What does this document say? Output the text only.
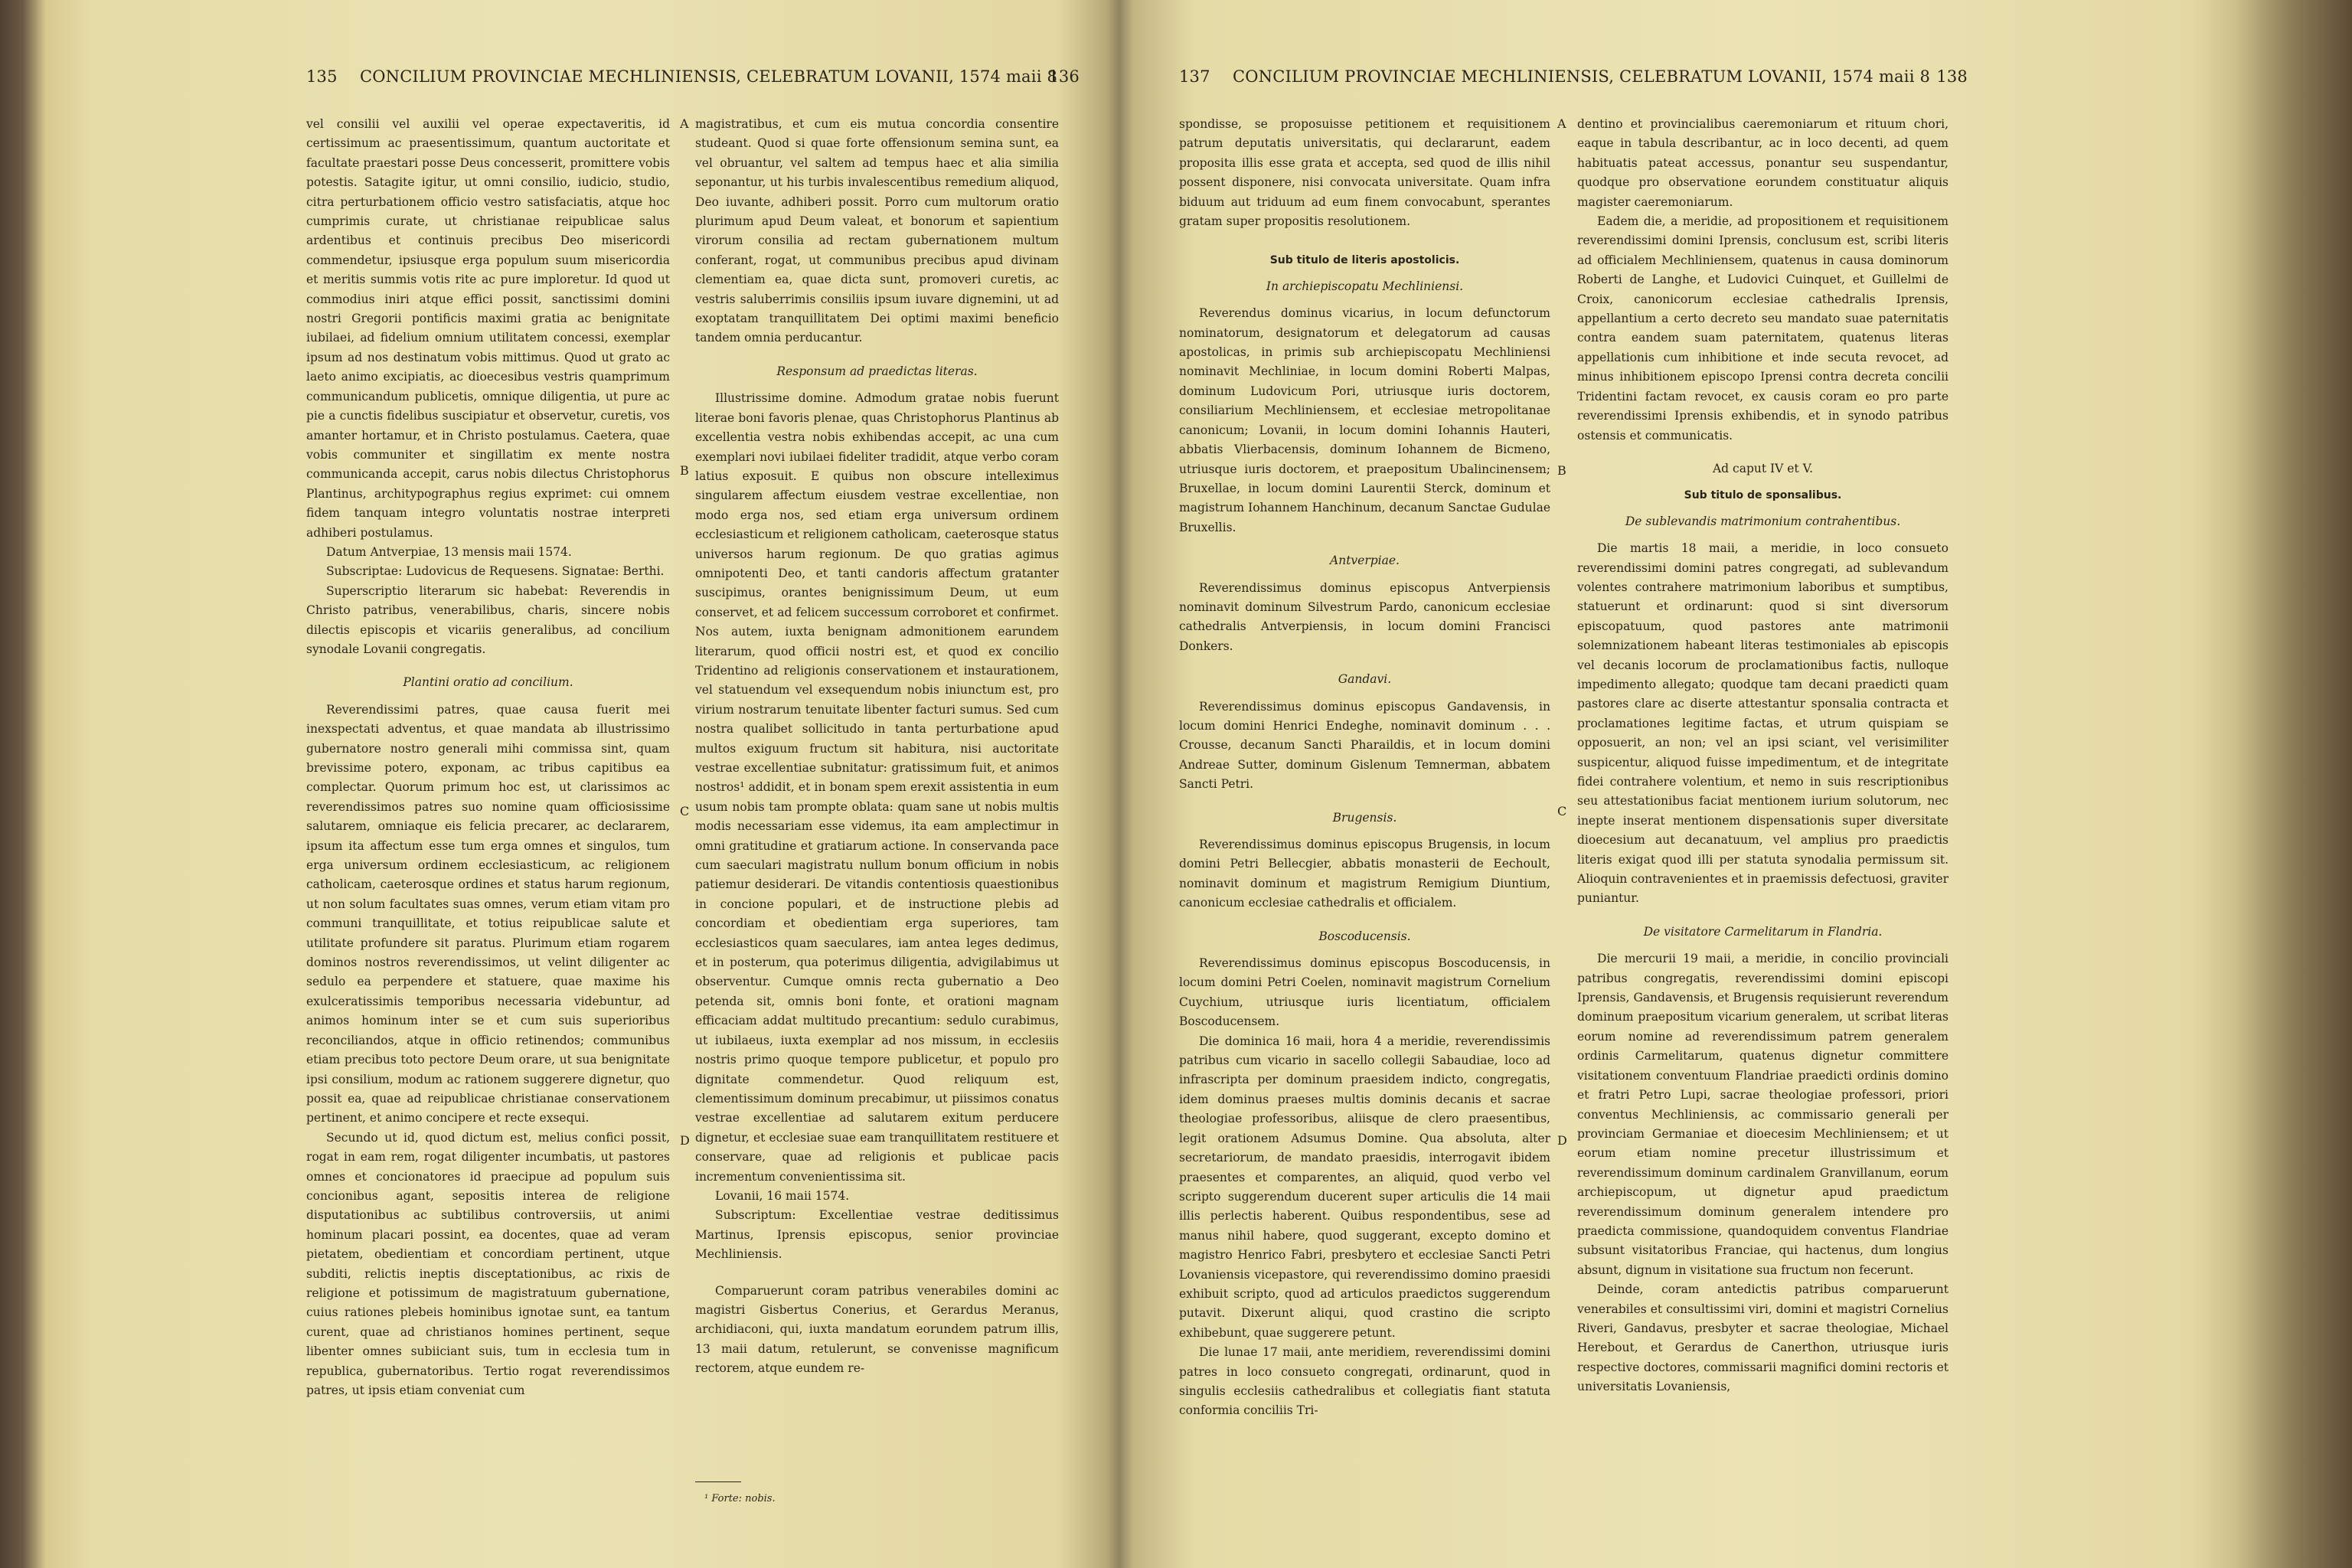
135 CONCILIUM PROVINCIAE MECHLINIENSIS, CELEBRATUM LOVANII, 1574 maii 8
136

vel consilii vel auxilii vel operae expectaveritis, id certissimum ac praesentissimum, quantum auctoritate et facultate praestari posse Deus concesserit, promittere vobis potestis. Satagite igitur, ut omni consilio, iudicio, studio, citra perturbationem officio vestro satisfaciatis, atque hoc cumprimis curate, ut christianae reipublicae salus ardentibus et continuis precibus Deo misericordi commendetur, ipsiusque erga populum suum misericordia et meritis summis votis rite ac pure imploretur. Id quod ut commodius iniri atque effici possit, sanctissimi domini nostri Gregorii pontificis maximi gratia ac benignitate iubilaei, ad fidelium omnium utilitatem concessi, exemplar ipsum ad nos destinatum vobis mittimus. Quod ut grato ac laeto animo excipiatis, ac dioecesibus vestris quamprimum communicandum publicetis, omnique diligentia, ut pure ac pie a cunctis fidelibus suscipiatur et observetur, curetis, vos amanter hortamur, et in Christo postulamus. Caetera, quae vobis communiter et singillatim ex mente nostra communicanda accepit, carus nobis dilectus Christophorus Plantinus, architypographus regius exprimet: cui omnem fidem tanquam integro voluntatis nostrae interpreti adhiberi postulamus.

Datum Antverpiae, 13 mensis maii 1574.

Subscriptae: Ludovicus de Requesens. Signatae: Berthi.

Superscriptio literarum sic habebat: Reverendis in Christo patribus, venerabilibus, charis, sincere nobis dilectis episcopis et vicariis generalibus, ad concilium synodale Lovanii congregatis.

Plantini oratio ad concilium.

Reverendissimi patres, quae causa fuerit mei inexspectati adventus, et quae mandata ab illustrissimo gubernatore nostro generali mihi commissa sint, quam brevissime potero, exponam, ac tribus capitibus ea complectar. Quorum primum hoc est, ut clarissimos ac reverendissimos patres suo nomine quam officiosissime salutarem, omniaque eis felicia precarer, ac declararem, ipsum ita affectum esse tum erga omnes et singulos, tum erga universum ordinem ecclesiasticum, ac religionem catholicam, caeterosque ordines et status harum regionum, ut non solum facultates suas omnes, verum etiam vitam pro communi tranquillitate, et totius reipublicae salute et utilitate profundere sit paratus. Plurimum etiam rogarem dominos nostros reverendissimos, ut velint diligenter ac sedulo ea perpendere et statuere, quae maxime his exulceratissimis temporibus necessaria videbuntur, ad animos hominum inter se et cum suis superioribus reconciliandos, atque in officio retinendos; communibus etiam precibus toto pectore Deum orare, ut sua benignitate ipsi consilium, modum ac rationem suggerere dignetur, quo possit ea, quae ad reipublicae christianae conservationem pertinent, et animo concipere et recte exsequi.

Secundo ut id, quod dictum est, melius confici possit, rogat in eam rem, rogat diligenter incumbatis, ut pastores omnes et concionatores id praecipue ad populum suis concionibus agant, sepositis interea de religione disputationibus ac subtilibus controversiis, ut animi hominum placari possint, ea docentes, quae ad veram pietatem, obedientiam et concordiam pertinent, utque subditi, relictis ineptis disceptationibus, ac rixis de religione et potissimum de magistratuum gubernatione, cuius rationes plebeis hominibus ignotae sunt, ea tantum curent, quae ad christianos homines pertinent, seque libenter omnes subiiciant suis, tum in ecclesia tum in republica, gubernatoribus. Tertio rogat reverendissimos patres, ut ipsis etiam conveniat cum

magistratibus, et cum eis mutua concordia consentire studeant. Quod si quae forte offensionum semina sunt, ea vel obruantur, vel saltem ad tempus haec et alia similia seponantur, ut his turbis invalescentibus remedium aliquod, Deo iuvante, adhiberi possit. Porro cum multorum oratio plurimum apud Deum valeat, et bonorum et sapientium virorum consilia ad rectam gubernationem multum conferant, rogat, ut communibus precibus apud divinam clementiam ea, quae dicta sunt, promoveri curetis, ac vestris saluberrimis consiliis ipsum iuvare dignemini, ut ad exoptatam tranquillitatem Dei optimi maximi beneficio tandem omnia perducantur.

Responsum ad praedictas literas.

Illustrissime domine. Admodum gratae nobis fuerunt literae boni favoris plenae, quas Christophorus Plantinus ab excellentia vestra nobis exhibendas accepit, ac una cum exemplari novi iubilaei fideliter tradidit, atque verbo coram latius exposuit. E quibus non obscure intelleximus singularem affectum eiusdem vestrae excellentiae, non modo erga nos, sed etiam erga universum ordinem ecclesiasticum et religionem catholicam, caeterosque status universos harum regionum. De quo gratias agimus omnipotenti Deo, et tanti candoris affectum gratanter suscipimus, orantes benignissimum Deum, ut eum conservet, et ad felicem successum corroboret et confirmet. Nos autem, iuxta benignam admonitionem earundem literarum, quod officii nostri est, et quod ex concilio Tridentino ad religionis conservationem et instaurationem, vel statuendum vel exsequendum nobis iniunctum est, pro virium nostrarum tenuitate libenter facturi sumus. Sed cum nostra qualibet sollicitudo in tanta perturbatione apud multos exiguum fructum sit habitura, nisi auctoritate vestrae excellentiae subnitatur: gratissimum fuit, et animos nostros¹ addidit, et in bonam spem erexit assistentia in eum usum nobis tam prompte oblata: quam sane ut nobis multis modis necessariam esse videmus, ita eam amplectimur in omni gratitudine et gratiarum actione. In conservanda pace cum saeculari magistratu nullum bonum officium in nobis patiemur desiderari. De vitandis contentiosis quaestionibus in concione populari, et de instructione plebis ad concordiam et obedientiam erga superiores, tam ecclesiasticos quam saeculares, iam antea leges dedimus, et in posterum, qua poterimus diligentia, advigilabimus ut observentur. Cumque omnis recta gubernatio a Deo petenda sit, omnis boni fonte, et orationi magnam efficaciam addat multitudo precantium: sedulo curabimus, ut iubilaeus, iuxta exemplar ad nos missum, in ecclesiis nostris primo quoque tempore publicetur, et populo pro dignitate commendetur. Quod reliquum est, clementissimum dominum precabimur, ut piissimos conatus vestrae excellentiae ad salutarem exitum perducere dignetur, et ecclesiae suae eam tranquillitatem restituere et conservare, quae ad religionis et publicae pacis incrementum convenientissima sit.

Lovanii, 16 maii 1574.

Subscriptum: Excellentiae vestrae deditissimus Martinus, Iprensis episcopus, senior provinciae Mechliniensis.

Comparuerunt coram patribus venerabiles domini ac magistri Gisbertus Conerius, et Gerardus Meranus, archidiaconi, qui, iuxta mandatum eorundem patrum illis, 13 maii datum, retulerunt, se convenisse magnificum rectorem, atque eundem re-

A
B
C
D
¹ Forte: nobis.
137 CONCILIUM PROVINCIAE MECHLINIENSIS, CELEBRATUM LOVANII, 1574 maii 8 138

spondisse, se proposuisse petitionem et requisitionem patrum deputatis universitatis, qui declararunt, eadem proposita illis esse grata et accepta, sed quod de illis nihil possent disponere, nisi convocata universitate. Quam infra biduum aut triduum ad eum finem convocabunt, sperantes gratam super propositis resolutionem.

Sub titulo de literis apostolicis.

In archiepiscopatu Mechliniensi.

Reverendus dominus vicarius, in locum defunctorum nominatorum, designatorum et delegatorum ad causas apostolicas, in primis sub archiepiscopatu Mechliniensi nominavit Mechliniae, in locum domini Roberti Malpas, dominum Ludovicum Pori, utriusque iuris doctorem, consiliarium Mechliniensem, et ecclesiae metropolitanae canonicum; Lovanii, in locum domini Iohannis Hauteri, abbatis Vlierbacensis, dominum Iohannem de Bicmeno, utriusque iuris doctorem, et praepositum Ubalincinensem; Bruxellae, in locum domini Laurentii Sterck, dominum et magistrum Iohannem Hanchinum, decanum Sanctae Gudulae Bruxellis.

Antverpiae.

Reverendissimus dominus episcopus Antverpiensis nominavit dominum Silvestrum Pardo, canonicum ecclesiae cathedralis Antverpiensis, in locum domini Francisci Donkers.

Gandavi.

Reverendissimus dominus episcopus Gandavensis, in locum domini Henrici Endeghe, nominavit dominum . . . Crousse, decanum Sancti Pharaildis, et in locum domini Andreae Sutter, dominum Gislenum Temnerman, abbatem Sancti Petri.

Brugensis.

Reverendissimus dominus episcopus Brugensis, in locum domini Petri Bellecgier, abbatis monasterii de Eechoult, nominavit dominum et magistrum Remigium Diuntium, canonicum ecclesiae cathedralis et officialem.

Boscoducensis.

Reverendissimus dominus episcopus Boscoducensis, in locum domini Petri Coelen, nominavit magistrum Cornelium Cuychium, utriusque iuris licentiatum, officialem Boscoducensem.

Die dominica 16 maii, hora 4 a meridie, reverendissimis patribus cum vicario in sacello collegii Sabaudiae, loco ad infrascripta per dominum praesidem indicto, congregatis, idem dominus praeses multis dominis decanis et sacrae theologiae professoribus, aliisque de clero praesentibus, legit orationem Adsumus Domine. Qua absoluta, alter secretariorum, de mandato praesidis, interrogavit ibidem praesentes et comparentes, an aliquid, quod verbo vel scripto suggerendum ducerent super articulis die 14 maii illis perlectis haberent. Quibus respondentibus, sese ad manus nihil habere, quod suggerant, excepto domino et magistro Henrico Fabri, presbytero et ecclesiae Sancti Petri Lovaniensis vicepastore, qui reverendissimo domino praesidi exhibuit scripto, quod ad articulos praedictos suggerendum putavit. Dixerunt aliqui, quod crastino die scripto exhibebunt, quae suggerere petunt.

Die lunae 17 maii, ante meridiem, reverendissimi domini patres in loco consueto congregati, ordinarunt, quod in singulis ecclesiis cathedralibus et collegiatis fiant statuta conformia conciliis Tri-

dentino et provincialibus caeremoniarum et rituum chori, eaque in tabula describantur, ac in loco decenti, ad quem habituatis pateat accessus, ponantur seu suspendantur, quodque pro observatione eorundem constituatur aliquis magister caeremoniarum.

Eadem die, a meridie, ad propositionem et requisitionem reverendissimi domini Iprensis, conclusum est, scribi literis ad officialem Mechliniensem, quatenus in causa dominorum Roberti de Langhe, et Ludovici Cuinquet, et Guillelmi de Croix, canonicorum ecclesiae cathedralis Iprensis, appellantium a certo decreto seu mandato suae paternitatis contra eandem suam paternitatem, quatenus literas appellationis cum inhibitione et inde secuta revocet, ad minus inhibitionem episcopo Iprensi contra decreta concilii Tridentini factam revocet, ex causis coram eo pro parte reverendissimi Iprensis exhibendis, et in synodo patribus ostensis et communicatis.

Ad caput IV et V.

Sub titulo de sponsalibus.

De sublevandis matrimonium contrahentibus.

Die martis 18 maii, a meridie, in loco consueto reverendissimi domini patres congregati, ad sublevandum volentes contrahere matrimonium laboribus et sumptibus, statuerunt et ordinarunt: quod si sint diversorum episcopatuum, quod pastores ante matrimonii solemnizationem habeant literas testimoniales ab episcopis vel decanis locorum de proclamationibus factis, nulloque impedimento allegato; quodque tam decani praedicti quam pastores clare ac diserte attestantur sponsalia contracta et proclamationes legitime factas, et utrum quispiam se opposuerit, an non; vel an ipsi sciant, vel verisimiliter suspicentur, aliquod fuisse impedimentum, et de integritate fidei contrahere volentium, et nemo in suis rescriptionibus seu attestationibus faciat mentionem iurium solutorum, nec inepte inserat mentionem dispensationis super diversitate dioecesium aut decanatuum, vel amplius pro praedictis literis exigat quod illi per statuta synodalia permissum sit. Alioquin contravenientes et in praemissis defectuosi, graviter puniantur.

De visitatore Carmelitarum in Flandria.

Die mercurii 19 maii, a meridie, in concilio provinciali patribus congregatis, reverendissimi domini episcopi Iprensis, Gandavensis, et Brugensis requisierunt reverendum dominum praepositum vicarium generalem, ut scribat literas eorum nomine ad reverendissimum patrem generalem ordinis Carmelitarum, quatenus dignetur committere visitationem conventuum Flandriae praedicti ordinis domino et fratri Petro Lupi, sacrae theologiae professori, priori conventus Mechliniensis, ac commissario generali per provinciam Germaniae et dioecesim Mechliniensem; et ut eorum etiam nomine precetur illustrissimum et reverendissimum dominum cardinalem Granvillanum, eorum archiepiscopum, ut dignetur apud praedictum reverendissimum dominum generalem intendere pro praedicta commissione, quandoquidem conventus Flandriae subsunt visitatoribus Franciae, qui hactenus, dum longius absunt, dignum in visitatione sua fructum non fecerunt.

Deinde, coram antedictis patribus comparuerunt venerabiles et consultissimi viri, domini et magistri Cornelius Riveri, Gandavus, presbyter et sacrae theologiae, Michael Herebout, et Gerardus de Canerthon, utriusque iuris respective doctores, commissarii magnifici domini rectoris et universitatis Lovaniensis,

A
B
C
D
